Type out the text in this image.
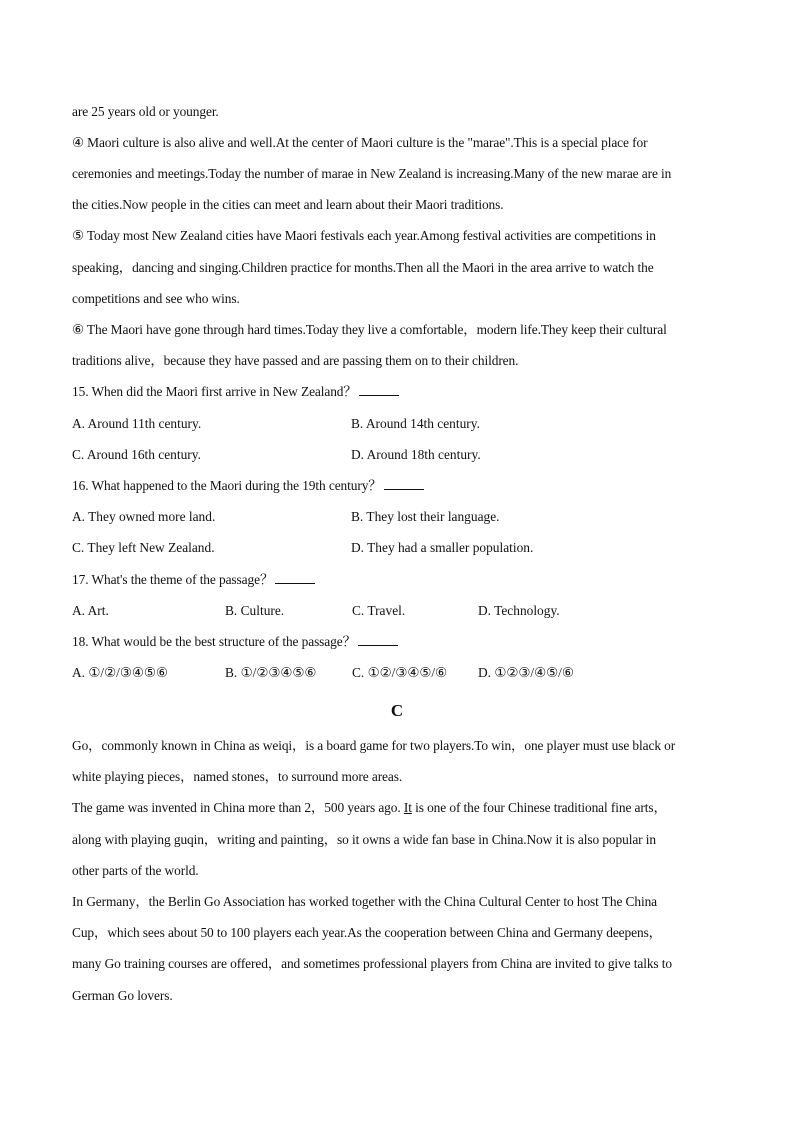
are 25 years old or younger.
④ Maori culture is also alive and well.At the center of Maori culture is the "marae".This is a special place for
ceremonies and meetings.Today the number of marae in New Zealand is increasing.Many of the new marae are in
the cities.Now people in the cities can meet and learn about their Maori traditions.
⑤ Today most New Zealand cities have Maori festivals each year.Among festival activities are competitions in
speaking，dancing and singing.Children practice for months.Then all the Maori in the area arrive to watch the
competitions and see who wins.
⑥ The Maori have gone through hard times.Today they live a comfortable，modern life.They keep their cultural
traditions alive，because they have passed and are passing them on to their children.
15. When did the Maori first arrive in New Zealand？
A. Around 11th century.	B. Around 14th century.
C. Around 16th century.	D. Around 18th century.
16. What happened to the Maori during the 19th century？
A. They owned more land.	B. They lost their language.
C. They left New Zealand.	D. They had a smaller population.
17. What's the theme of the passage？
A. Art.	B. Culture.	C. Travel.	D. Technology.
18. What would be the best structure of the passage？
A. ①/②/③④⑤⑥	B. ①/②③④⑤⑥	C. ①②/③④⑤/⑥ D. ①②③/④⑤/⑥
C
Go，commonly known in China as weiqi，is a board game for two players.To win，one player must use black or
white playing pieces，named stones，to surround more areas.
The game was invented in China more than 2，500 years ago. It is one of the four Chinese traditional fine arts，
along with playing guqin，writing and painting，so it owns a wide fan base in China.Now it is also popular in
other parts of the world.
In Germany，the Berlin Go Association has worked together with the China Cultural Center to host The China
Cup，which sees about 50 to 100 players each year.As the cooperation between China and Germany deepens，
many Go training courses are offered，and sometimes professional players from China are invited to give talks to
German Go lovers.
